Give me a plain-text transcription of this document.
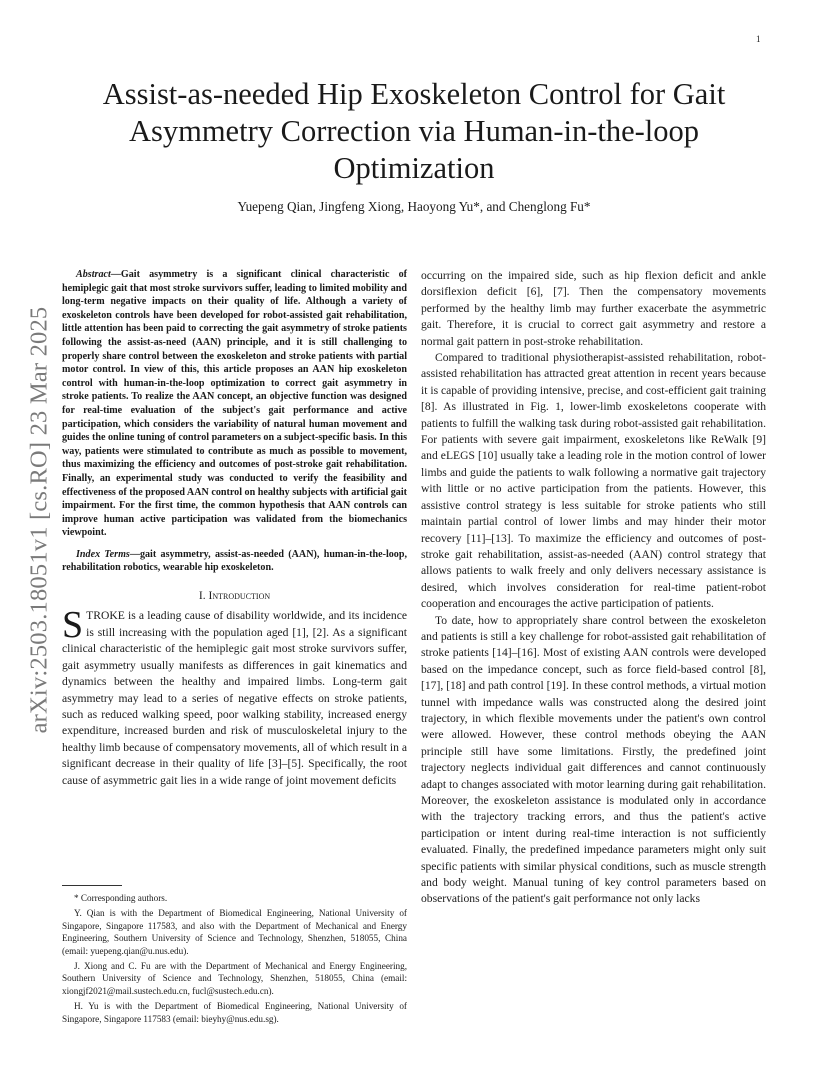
1
arXiv:2503.18051v1 [cs.RO] 23 Mar 2025
Assist-as-needed Hip Exoskeleton Control for Gait Asymmetry Correction via Human-in-the-loop Optimization
Yuepeng Qian, Jingfeng Xiong, Haoyong Yu*, and Chenglong Fu*

Abstract—Gait asymmetry is a significant clinical characteristic of hemiplegic gait that most stroke survivors suffer, leading to limited mobility and long-term negative impacts on their quality of life. Although a variety of exoskeleton controls have been developed for robot-assisted gait rehabilitation, little attention has been paid to correcting the gait asymmetry of stroke patients following the assist-as-need (AAN) principle, and it is still challenging to properly share control between the exoskeleton and stroke patients with partial motor control. In view of this, this article proposes an AAN hip exoskeleton control with human-in-the-loop optimization to correct gait asymmetry in stroke patients. To realize the AAN concept, an objective function was designed for real-time evaluation of the subject's gait performance and active participation, which considers the variability of natural human movement and guides the online tuning of control parameters on a subject-specific basis. In this way, patients were stimulated to contribute as much as possible to movement, thus maximizing the efficiency and outcomes of post-stroke gait rehabilitation. Finally, an experimental study was conducted to verify the feasibility and effectiveness of the proposed AAN control on healthy subjects with artificial gait impairment. For the first time, the common hypothesis that AAN controls can improve human active participation was validated from the biomechanics viewpoint.

Index Terms—gait asymmetry, assist-as-needed (AAN), human-in-the-loop, rehabilitation robotics, wearable hip exoskeleton.

I. Introduction

STROKE is a leading cause of disability worldwide, and its incidence is still increasing with the population aged [1], [2]. As a significant clinical characteristic of the hemiplegic gait most stroke survivors suffer, gait asymmetry usually manifests as differences in gait kinematics and dynamics between the healthy and impaired limbs. Long-term gait asymmetry may lead to a series of negative effects on stroke patients, such as reduced walking speed, poor walking stability, increased energy expenditure, increased burden and risk of musculoskeletal injury to the healthy limb because of compensatory movements, all of which result in a significant decrease in their quality of life [3]–[5]. Specifically, the root cause of asymmetric gait lies in a wide range of joint movement deficits

* Corresponding authors.

Y. Qian is with the Department of Biomedical Engineering, National University of Singapore, Singapore 117583, and also with the Department of Mechanical and Energy Engineering, Southern University of Science and Technology, Shenzhen, 518055, China (email: yuepeng.qian@u.nus.edu).

J. Xiong and C. Fu are with the Department of Mechanical and Energy Engineering, Southern University of Science and Technology, Shenzhen, 518055, China (email: xiongjf2021@mail.sustech.edu.cn, fucl@sustech.edu.cn).

H. Yu is with the Department of Biomedical Engineering, National University of Singapore, Singapore 117583 (email: bieyhy@nus.edu.sg).

occurring on the impaired side, such as hip flexion deficit and ankle dorsiflexion deficit [6], [7]. Then the compensatory movements performed by the healthy limb may further exacerbate the asymmetric gait. Therefore, it is crucial to correct gait asymmetry and restore a normal gait pattern in post-stroke rehabilitation.

Compared to traditional physiotherapist-assisted rehabilitation, robot-assisted rehabilitation has attracted great attention in recent years because it is capable of providing intensive, precise, and cost-efficient gait training [8]. As illustrated in Fig. 1, lower-limb exoskeletons cooperate with patients to fulfill the walking task during robot-assisted gait rehabilitation. For patients with severe gait impairment, exoskeletons like ReWalk [9] and eLEGS [10] usually take a leading role in the motion control of lower limbs and guide the patients to walk following a normative gait trajectory with little or no active participation from the patients. However, this assistive control strategy is less suitable for stroke patients who still maintain partial control of lower limbs and may hinder their motor recovery [11]–[13]. To maximize the efficiency and outcomes of post-stroke gait rehabilitation, assist-as-needed (AAN) control strategy that allows patients to walk freely and only delivers necessary assistance is desired, which involves consideration for real-time patient-robot cooperation and encourages the active participation of patients.

To date, how to appropriately share control between the exoskeleton and patients is still a key challenge for robot-assisted gait rehabilitation of stroke patients [14]–[16]. Most of existing AAN controls were developed based on the impedance concept, such as force field-based control [8], [17], [18] and path control [19]. In these control methods, a virtual motion tunnel with impedance walls was constructed along the desired joint trajectory, in which flexible movements under the patient's own control were allowed. However, these control methods obeying the AAN principle still have some limitations. Firstly, the predefined joint trajectory neglects individual gait differences and cannot continuously adapt to changes associated with motor learning during gait rehabilitation. Moreover, the exoskeleton assistance is modulated only in accordance with the trajectory tracking errors, and thus the patient's active participation or intent during real-time interaction is not sufficiently evaluated. Finally, the predefined impedance parameters might only suit specific patients with similar physical conditions, such as muscle strength and body weight. Manual tuning of key control parameters based on observations of the patient's gait performance not only lacks
